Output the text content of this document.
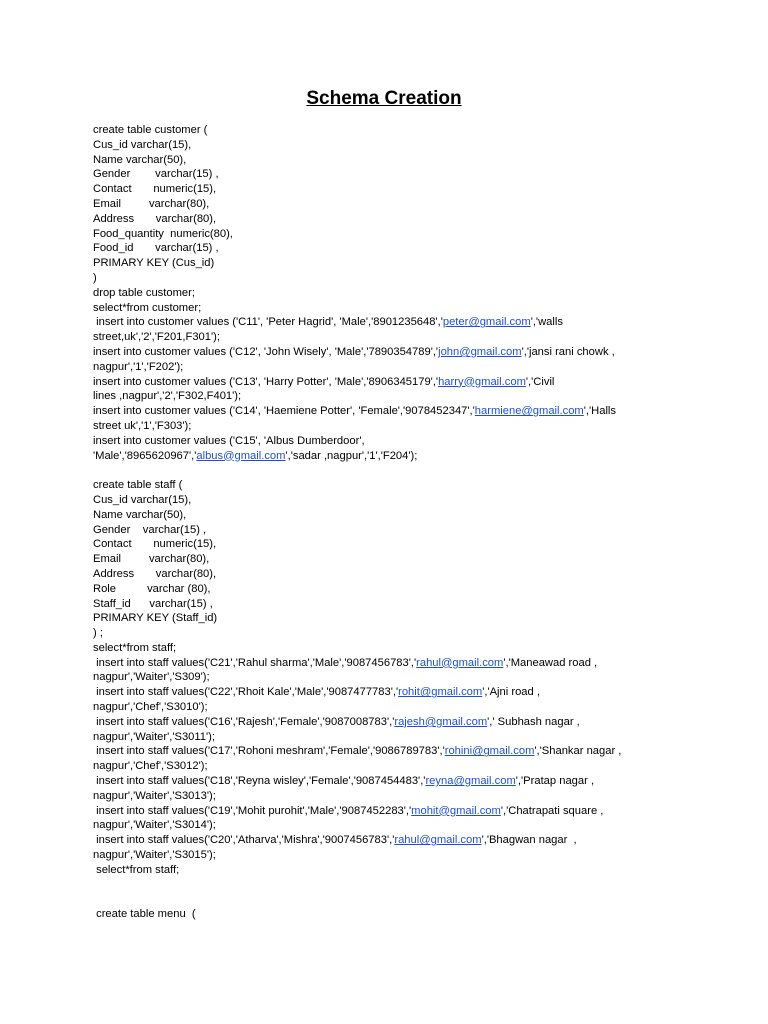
Schema Creation
create table customer (
Cus_id varchar(15),
Name varchar(50),
Gender        varchar(15) ,
Contact       numeric(15),
Email         varchar(80),
Address       varchar(80),
Food_quantity  numeric(80),
Food_id       varchar(15) ,
PRIMARY KEY (Cus_id)
)
drop table customer;
select*from customer;
insert into customer values ('C11', 'Peter Hagrid', 'Male','8901235648','peter@gmail.com','walls
street,uk','2','F201,F301');
insert into customer values ('C12', 'John Wisely', 'Male','7890354789','john@gmail.com','jansi rani chowk ,
nagpur','1','F202');
insert into customer values ('C13', 'Harry Potter', 'Male','8906345179','harry@gmail.com','Civil
lines ,nagpur','2','F302,F401');
insert into customer values ('C14', 'Haemiene Potter', 'Female','9078452347','harmiene@gmail.com','Halls
street uk','1','F303');
insert into customer values ('C15', 'Albus Dumberdoor',
'Male','8965620967','albus@gmail.com','sadar ,nagpur','1','F204');
create table staff (
Cus_id varchar(15),
Name varchar(50),
Gender    varchar(15) ,
Contact       numeric(15),
Email         varchar(80),
Address       varchar(80),
Role          varchar (80),
Staff_id      varchar(15) ,
PRIMARY KEY (Staff_id)
) ;
select*from staff;
insert into staff values('C21','Rahul sharma','Male','9087456783','rahul@gmail.com','Maneawad road ,
nagpur','Waiter','S309');
insert into staff values('C22','Rhoit Kale','Male','9087477783','rohit@gmail.com','Ajni road ,
nagpur','Chef','S3010');
insert into staff values('C16','Rajesh','Female','9087008783','rajesh@gmail.com',' Subhash nagar ,
nagpur','Waiter','S3011');
insert into staff values('C17','Rohoni meshram','Female','9086789783','rohini@gmail.com','Shankar nagar ,
nagpur','Chef','S3012');
insert into staff values('C18','Reyna wisley','Female','9087454483','reyna@gmail.com','Pratap nagar ,
nagpur','Waiter','S3013');
insert into staff values('C19','Mohit purohit','Male','9087452283','mohit@gmail.com','Chatrapati square ,
nagpur','Waiter','S3014');
insert into staff values('C20','Atharva','Mishra','9007456783','rahul@gmail.com','Bhagwan nagar  ,
nagpur','Waiter','S3015');
select*from staff;
create table menu  (
